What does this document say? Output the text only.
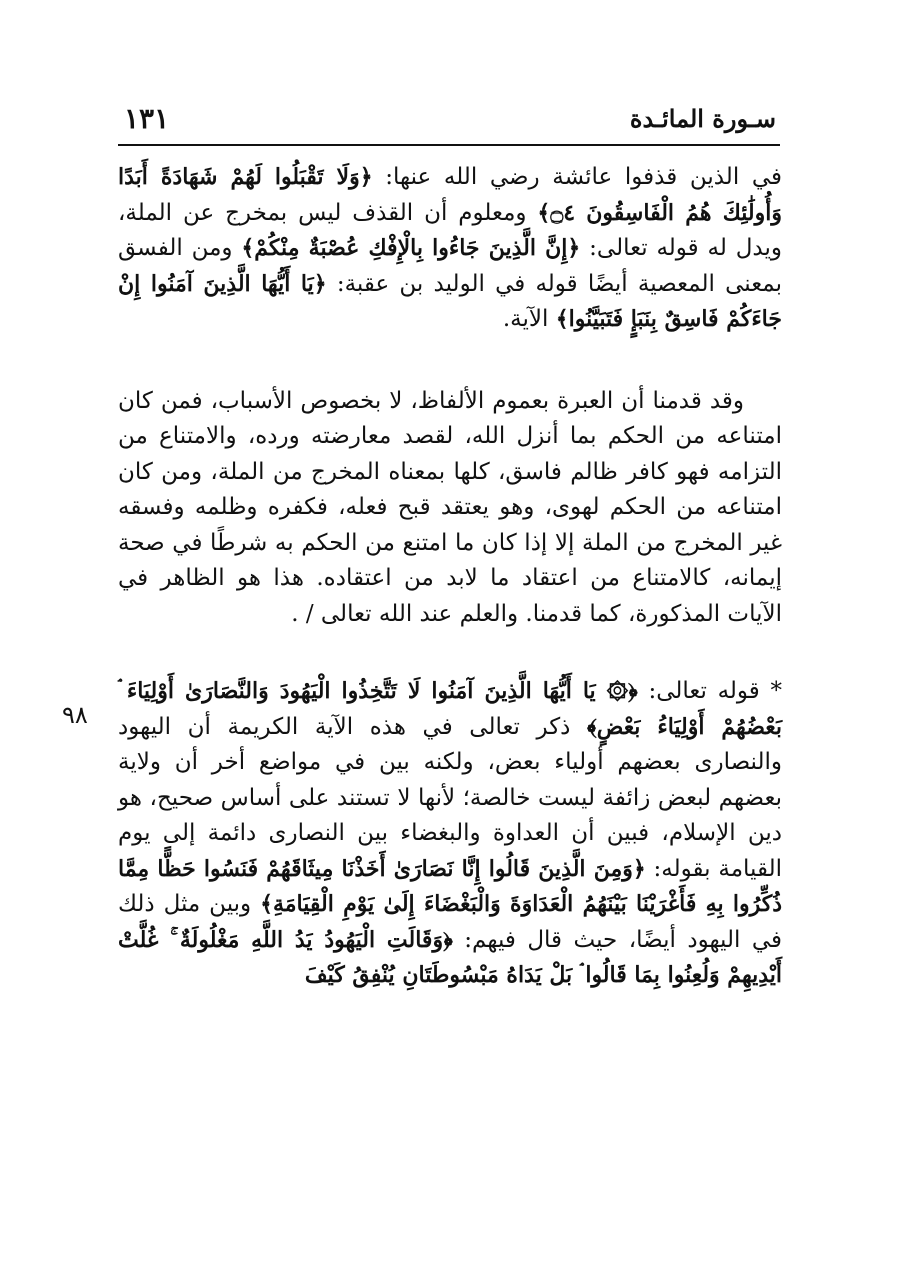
١٣١	سـورة المائـدة
٩٨

في الذين قذفوا عائشة رضي الله عنها: ﴿وَلَا تَقْبَلُوا لَهُمْ شَهَادَةً أَبَدًا وَأُولَٰئِكَ هُمُ الْفَاسِقُونَ ۝٤﴾ ومعلوم أن القذف ليس بمخرج عن الملة، ويدل له قوله تعالى: ﴿إِنَّ الَّذِينَ جَاءُوا بِالْإِفْكِ عُصْبَةٌ مِنْكُمْ﴾ ومن الفسق بمعنى المعصية أيضًا قوله في الوليد بن عقبة: ﴿يَا أَيُّهَا الَّذِينَ آمَنُوا إِنْ جَاءَكُمْ فَاسِقٌ بِنَبَإٍ فَتَبَيَّنُوا﴾ الآية.

وقد قدمنا أن العبرة بعموم الألفاظ، لا بخصوص الأسباب، فمن كان امتناعه من الحكم بما أنزل الله، لقصد معارضته ورده، والامتناع من التزامه فهو كافر ظالم فاسق، كلها بمعناه المخرج من الملة، ومن كان امتناعه من الحكم لهوى، وهو يعتقد قبح فعله، فكفره وظلمه وفسقه غير المخرج من الملة إلا إذا كان ما امتنع من الحكم به شرطًا في صحة إيمانه، كالامتناع من اعتقاد ما لابد من اعتقاده. هذا هو الظاهر في الآيات المذكورة، كما قدمنا. والعلم عند الله تعالى / .

* قوله تعالى: ﴿۞ يَا أَيُّهَا الَّذِينَ آمَنُوا لَا تَتَّخِذُوا الْيَهُودَ وَالنَّصَارَىٰ أَوْلِيَاءَ ۘ بَعْضُهُمْ أَوْلِيَاءُ بَعْضٍ﴾ ذكر تعالى في هذه الآية الكريمة أن اليهود والنصارى بعضهم أولياء بعض، ولكنه بين في مواضع أخر أن ولاية بعضهم لبعض زائفة ليست خالصة؛ لأنها لا تستند على أساس صحيح، هو دين الإسلام، فبين أن العداوة والبغضاء بين النصارى دائمة إلى يوم القيامة بقوله: ﴿وَمِنَ الَّذِينَ قَالُوا إِنَّا نَصَارَىٰ أَخَذْنَا مِيثَاقَهُمْ فَنَسُوا حَظًّا مِمَّا ذُكِّرُوا بِهِ فَأَغْرَيْنَا بَيْنَهُمُ الْعَدَاوَةَ وَالْبَغْضَاءَ إِلَىٰ يَوْمِ الْقِيَامَةِ﴾ وبين مثل ذلك في اليهود أيضًا، حيث قال فيهم: ﴿وَقَالَتِ الْيَهُودُ يَدُ اللَّهِ مَغْلُولَةٌ ۚ غُلَّتْ أَيْدِيهِمْ وَلُعِنُوا بِمَا قَالُوا ۘ بَلْ يَدَاهُ مَبْسُوطَتَانِ يُنْفِقُ كَيْفَ
